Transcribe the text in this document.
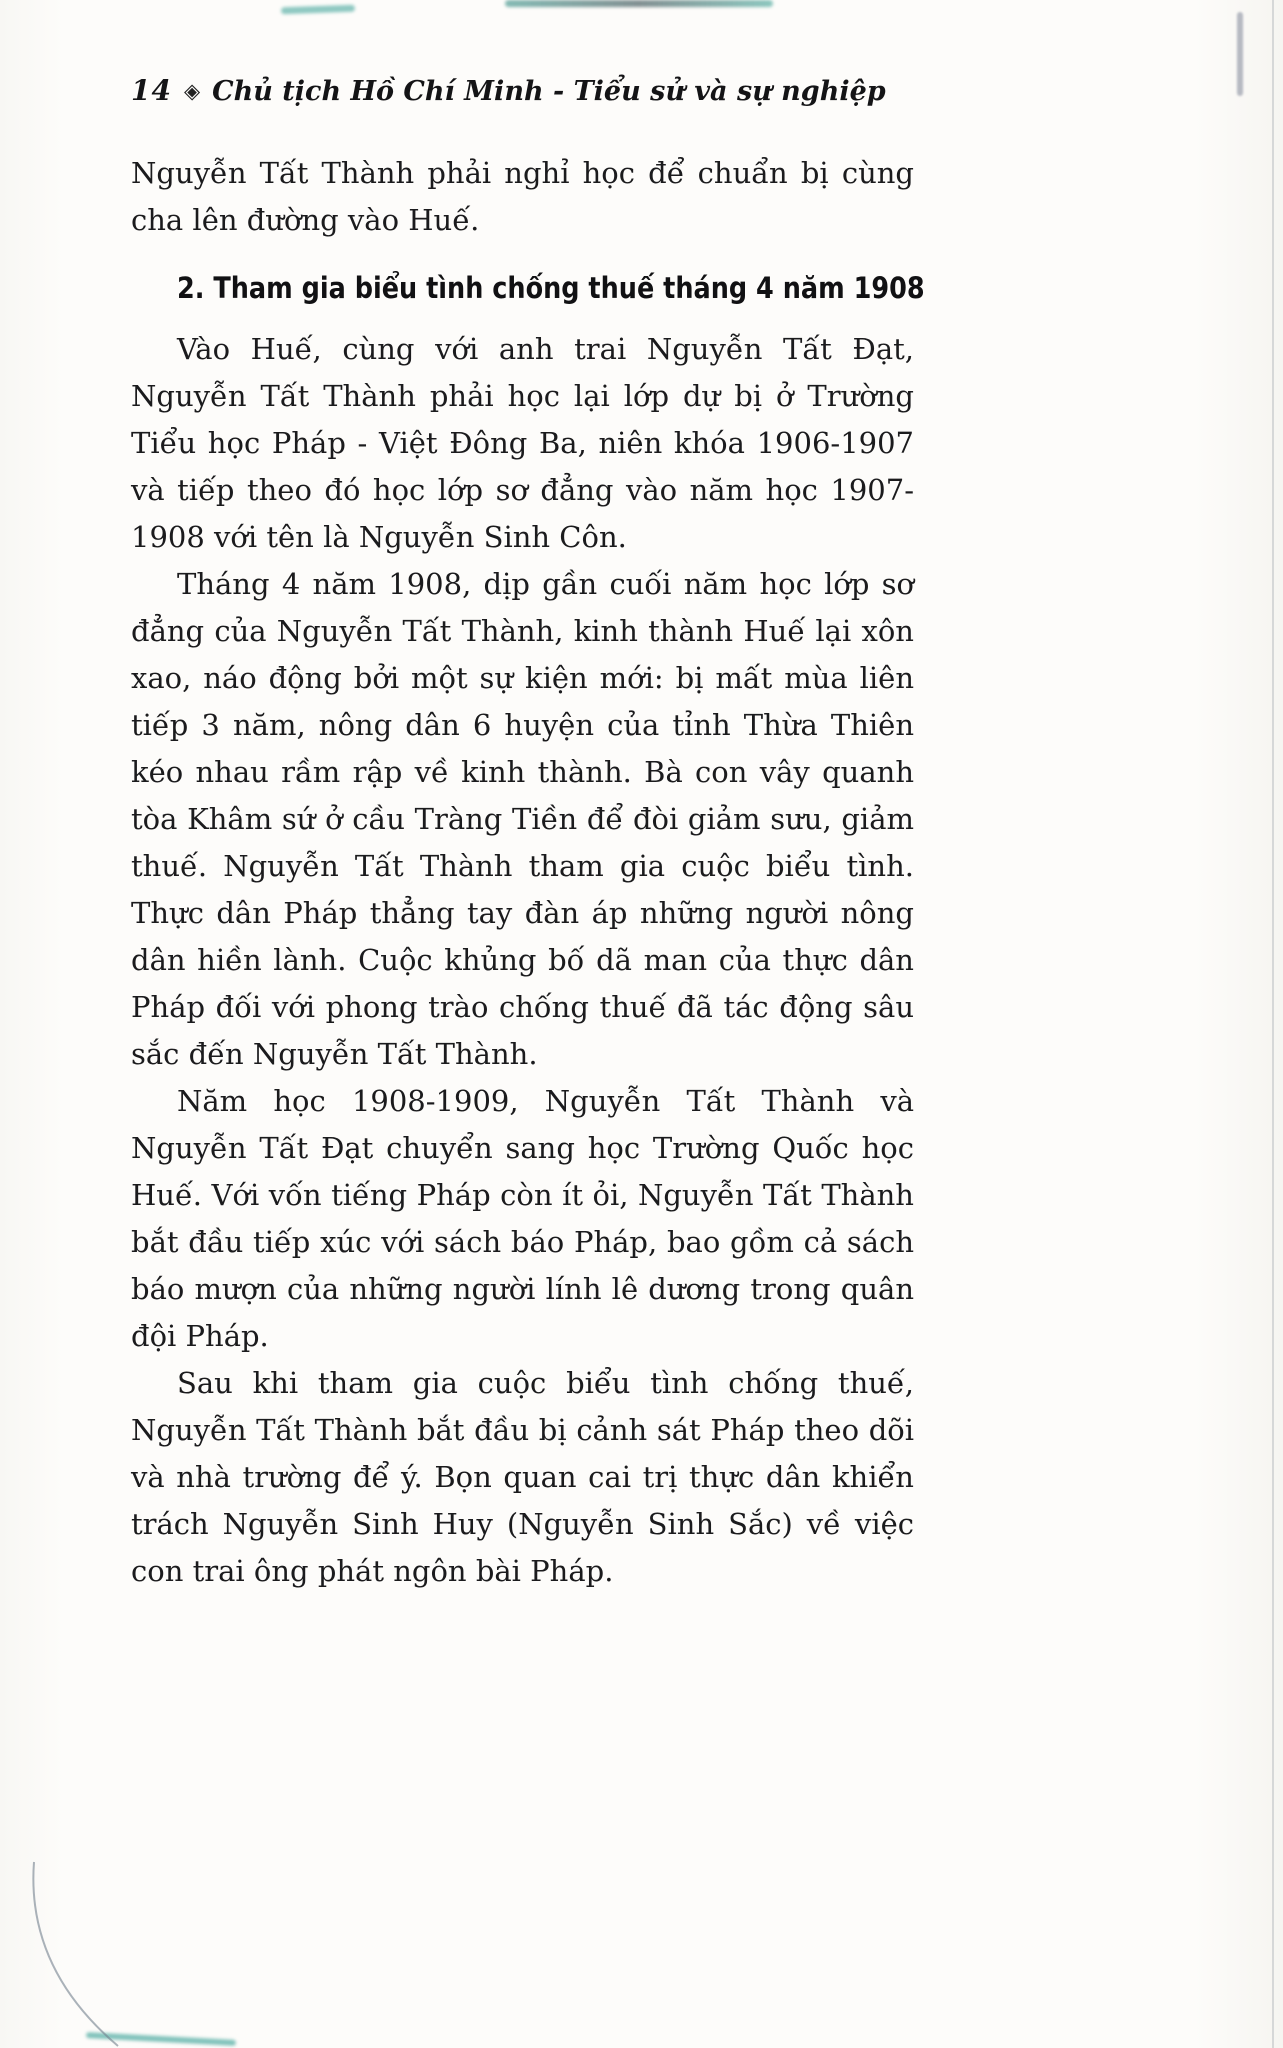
14 ◈ Chủ tịch Hồ Chí Minh - Tiểu sử và sự nghiệp

Nguyễn Tất Thành phải nghỉ học để chuẩn bị cùng cha lên đường vào Huế.

2. Tham gia biểu tình chống thuế tháng 4 năm 1908

Vào Huế, cùng với anh trai Nguyễn Tất Đạt, Nguyễn Tất Thành phải học lại lớp dự bị ở Trường Tiểu học Pháp - Việt Đông Ba, niên khóa 1906-1907 và tiếp theo đó học lớp sơ đẳng vào năm học 1907-1908 với tên là Nguyễn Sinh Côn.

Tháng 4 năm 1908, dịp gần cuối năm học lớp sơ đẳng của Nguyễn Tất Thành, kinh thành Huế lại xôn xao, náo động bởi một sự kiện mới: bị mất mùa liên tiếp 3 năm, nông dân 6 huyện của tỉnh Thừa Thiên kéo nhau rầm rập về kinh thành. Bà con vây quanh tòa Khâm sứ ở cầu Tràng Tiền để đòi giảm sưu, giảm thuế. Nguyễn Tất Thành tham gia cuộc biểu tình. Thực dân Pháp thẳng tay đàn áp những người nông dân hiền lành. Cuộc khủng bố dã man của thực dân Pháp đối với phong trào chống thuế đã tác động sâu sắc đến Nguyễn Tất Thành.

Năm học 1908-1909, Nguyễn Tất Thành và Nguyễn Tất Đạt chuyển sang học Trường Quốc học Huế. Với vốn tiếng Pháp còn ít ỏi, Nguyễn Tất Thành bắt đầu tiếp xúc với sách báo Pháp, bao gồm cả sách báo mượn của những người lính lê dương trong quân đội Pháp.

Sau khi tham gia cuộc biểu tình chống thuế, Nguyễn Tất Thành bắt đầu bị cảnh sát Pháp theo dõi và nhà trường để ý. Bọn quan cai trị thực dân khiển trách Nguyễn Sinh Huy (Nguyễn Sinh Sắc) về việc con trai ông phát ngôn bài Pháp.
